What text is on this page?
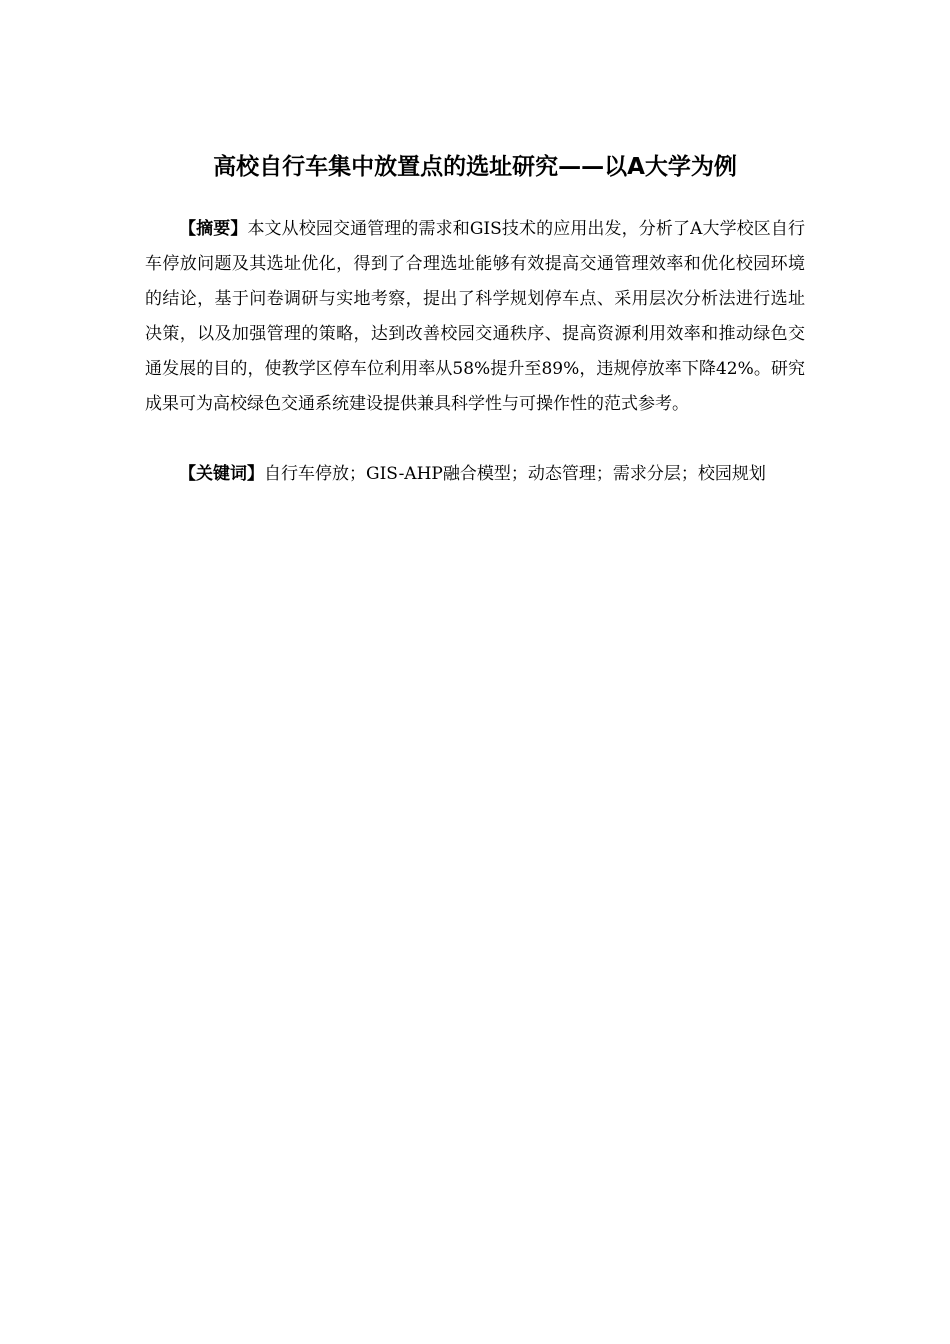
高校自行车集中放置点的选址研究——以A大学为例

【摘要】本文从校园交通管理的需求和GIS技术的应用出发，分析了A大学校区自行车停放问题及其选址优化，得到了合理选址能够有效提高交通管理效率和优化校园环境的结论，基于问卷调研与实地考察，提出了科学规划停车点、采用层次分析法进行选址决策，以及加强管理的策略，达到改善校园交通秩序、提高资源利用效率和推动绿色交通发展的目的，使教学区停车位利用率从58%提升至89%，违规停放率下降42%。研究成果可为高校绿色交通系统建设提供兼具科学性与可操作性的范式参考。

【关键词】自行车停放；GIS-AHP融合模型；动态管理；需求分层；校园规划
